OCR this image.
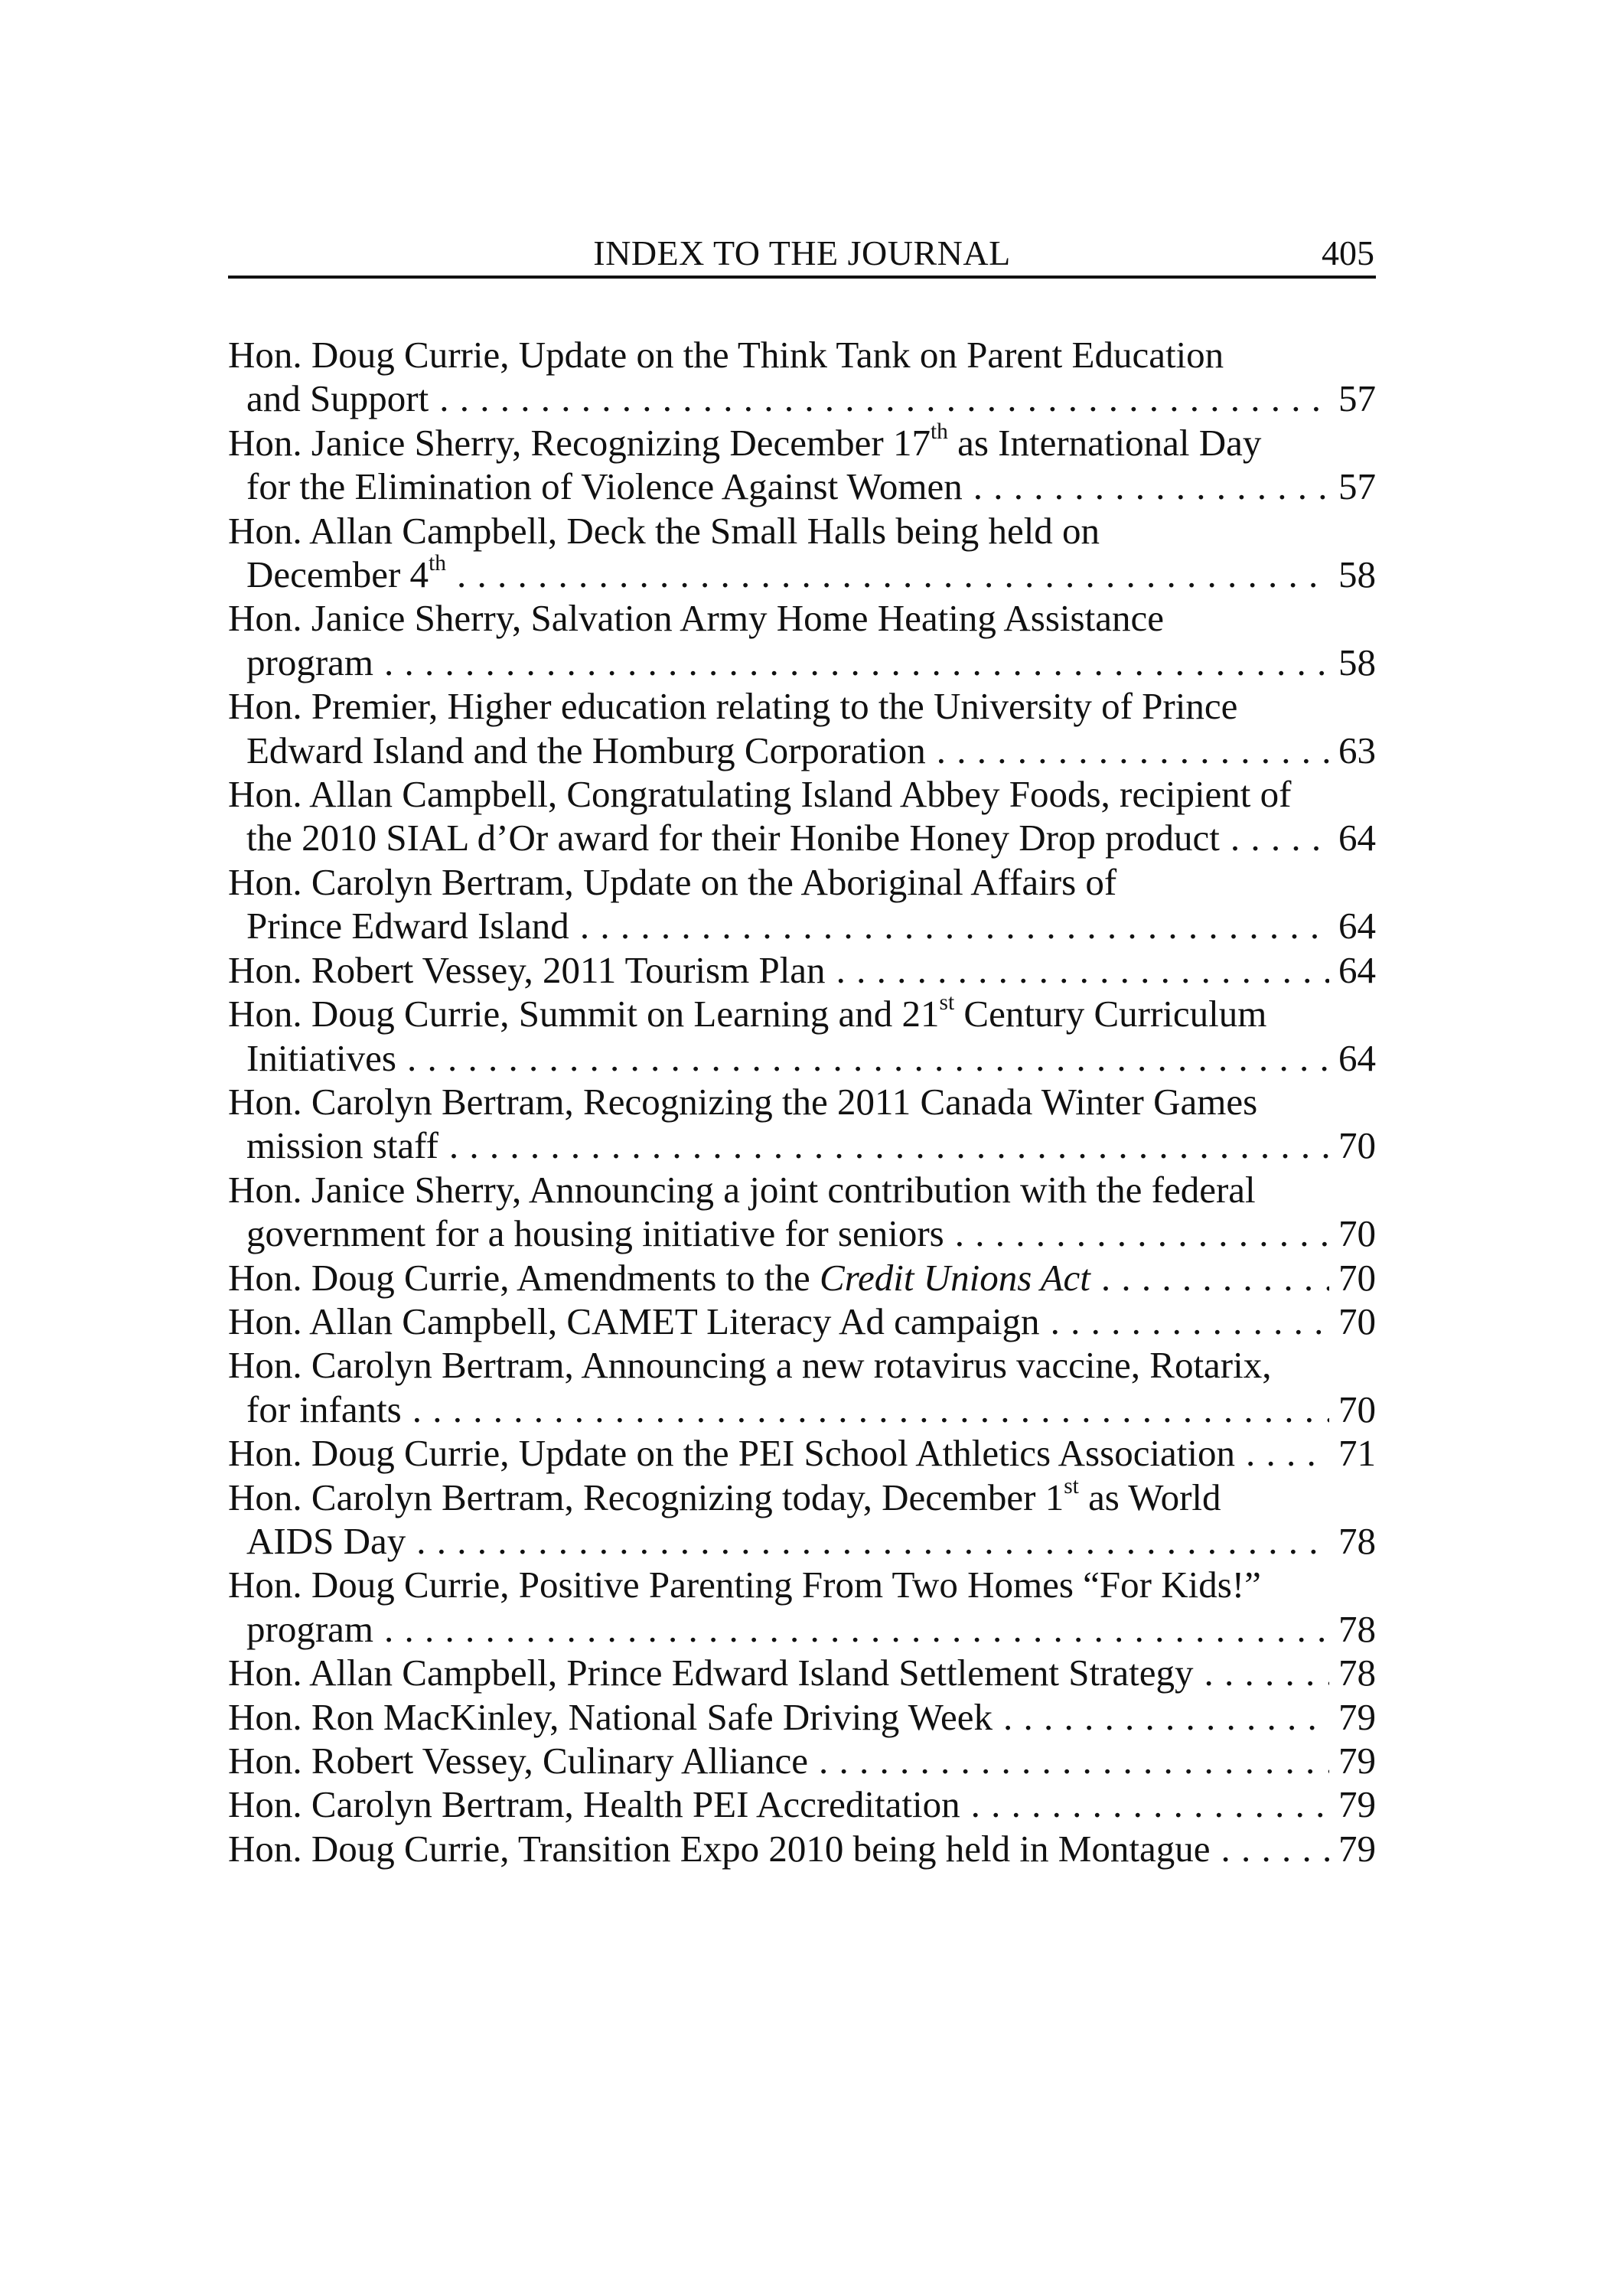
INDEX TO THE JOURNAL	405
Hon. Doug Currie, Update on the Think Tank on Parent Education
and Support . . .	57
Hon. Janice Sherry, Recognizing December 17th as International Day
for the Elimination of Violence Against Women . . .	57
Hon. Allan Campbell, Deck the Small Halls being held on
December 4th . . .	58
Hon. Janice Sherry, Salvation Army Home Heating Assistance
program . . .	58
Hon. Premier, Higher education relating to the University of Prince
Edward Island and the Homburg Corporation . . .	63
Hon. Allan Campbell, Congratulating Island Abbey Foods, recipient of
the 2010 SIAL d’Or award for their Honibe Honey Drop product . . .	64
Hon. Carolyn Bertram, Update on the Aboriginal Affairs of
Prince Edward Island . . .	64
Hon. Robert Vessey, 2011 Tourism Plan . . .	64
Hon. Doug Currie, Summit on Learning and 21st Century Curriculum
Initiatives . . .	64
Hon. Carolyn Bertram, Recognizing the 2011 Canada Winter Games
mission staff . . .	70
Hon. Janice Sherry, Announcing a joint contribution with the federal
government for a housing initiative for seniors . . .	70
Hon. Doug Currie, Amendments to the Credit Unions Act . . .	70
Hon. Allan Campbell, CAMET Literacy Ad campaign . . .	70
Hon. Carolyn Bertram, Announcing a new rotavirus vaccine, Rotarix,
for infants . . .	70
Hon. Doug Currie, Update on the PEI School Athletics Association . . .	71
Hon. Carolyn Bertram, Recognizing today, December 1st as World
AIDS Day . . .	78
Hon. Doug Currie, Positive Parenting From Two Homes “For Kids!”
program . . .	78
Hon. Allan Campbell, Prince Edward Island Settlement Strategy . . .	78
Hon. Ron MacKinley, National Safe Driving Week . . .	79
Hon. Robert Vessey, Culinary Alliance . . .	79
Hon. Carolyn Bertram, Health PEI Accreditation . . .	79
Hon. Doug Currie, Transition Expo 2010 being held in Montague . . .	79
